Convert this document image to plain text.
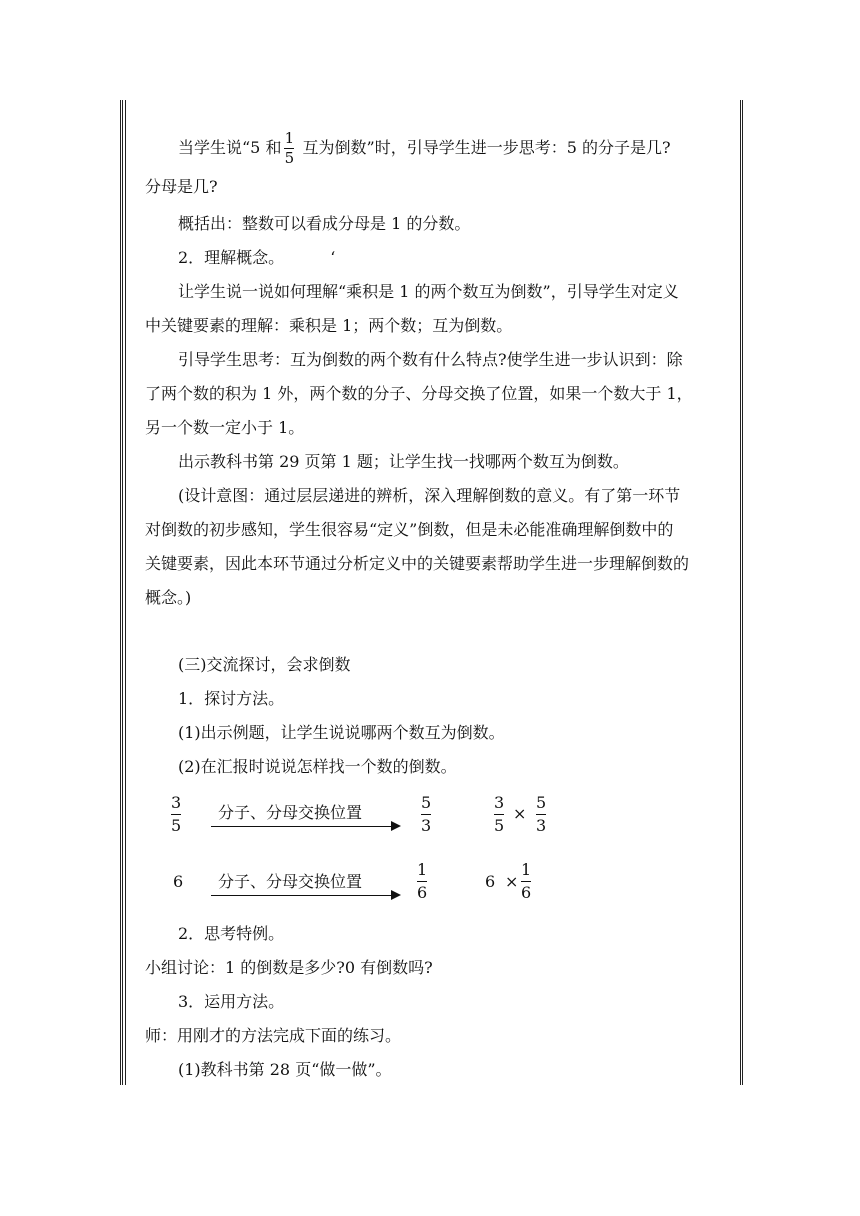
当学生说“5 和 $\frac{1}{5}$ 互为倒数”时，引导学生进一步思考：5 的分子是几?
分母是几?
概括出：整数可以看成分母是 1 的分数。
2．理解概念。	‘
让学生说一说如何理解“乘积是 1 的两个数互为倒数”，引导学生对定义
中关键要素的理解：乘积是 1；两个数；互为倒数。
引导学生思考：互为倒数的两个数有什么特点?使学生进一步认识到：除
了两个数的积为 1 外，两个数的分子、分母交换了位置，如果一个数大于 1，
另一个数一定小于 1。
出示教科书第 29 页第 1 题；让学生找一找哪两个数互为倒数。
(设计意图：通过层层递进的辨析，深入理解倒数的意义。有了第一环节
对倒数的初步感知，学生很容易“定义”倒数，但是未必能准确理解倒数中的
关键要素，因此本环节通过分析定义中的关键要素帮助学生进一步理解倒数的
概念。)
(三)交流探讨，会求倒数
1．探讨方法。
(1)出示例题，让学生说说哪两个数互为倒数。
(2)在汇报时说说怎样找一个数的倒数。
3
5
分子、分母交换位置
5
3
3
5
×
5
3
6 分子、分母交换位置
1
6
6 ×
1
6
2．思考特例。
小组讨论：1 的倒数是多少?0 有倒数吗?
3．运用方法。
师：用刚才的方法完成下面的练习。
(1)教科书第 28 页“做一做”。
